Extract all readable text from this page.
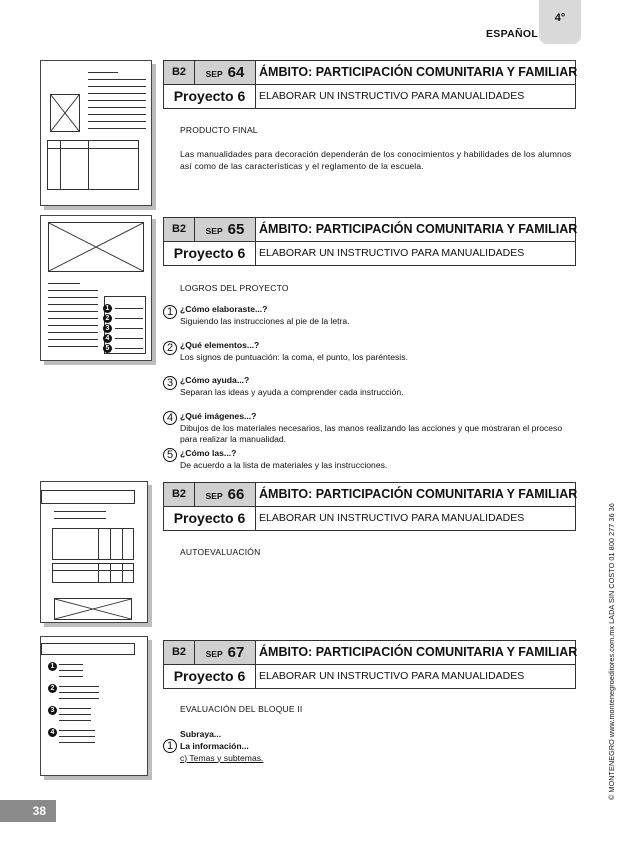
ESPAÑOL
4°
B2	SEP 64	ÁMBITO: PARTICIPACIÓN COMUNITARIA Y FAMILIAR
Proyecto 6	ELABORAR UN INSTRUCTIVO PARA MANUALIDADES
PRODUCTO FINAL
Las manualidades para decoración dependerán de los conocimientos y habilidades de los alumnos así como de las características y el reglamento de la escuela.
1
2
3
4
5
B2	SEP 65	ÁMBITO: PARTICIPACIÓN COMUNITARIA Y FAMILIAR
Proyecto 6	ELABORAR UN INSTRUCTIVO PARA MANUALIDADES
LOGROS DEL PROYECTO
1 ¿Cómo elaboraste...?
Siguiendo las instrucciones al pie de la letra.
2 ¿Qué elementos...?
Los signos de puntuación: la coma, el punto, los paréntesis.
3 ¿Cómo ayuda...?
Separan las ideas y ayuda a comprender cada instrucción.
4 ¿Qué imágenes...?
Dibujos de los materiales necesarios, las manos realizando las acciones y que mostraran el proceso para realizar la manualidad.
5 ¿Cómo las...?
De acuerdo a la lista de materiales y las instrucciones.
B2	SEP 66	ÁMBITO: PARTICIPACIÓN COMUNITARIA Y FAMILIAR
Proyecto 6	ELABORAR UN INSTRUCTIVO PARA MANUALIDADES
AUTOEVALUACIÓN
1
2
3
4
B2	SEP 67	ÁMBITO: PARTICIPACIÓN COMUNITARIA Y FAMILIAR
Proyecto 6	ELABORAR UN INSTRUCTIVO PARA MANUALIDADES
EVALUACIÓN DEL BLOQUE II
Subraya...
1 La información...
c) Temas y subtemas.	© MONTENEGRO www.montenegroeditores.com.mx LADA SIN COSTO 01 800 277 36 36
38
